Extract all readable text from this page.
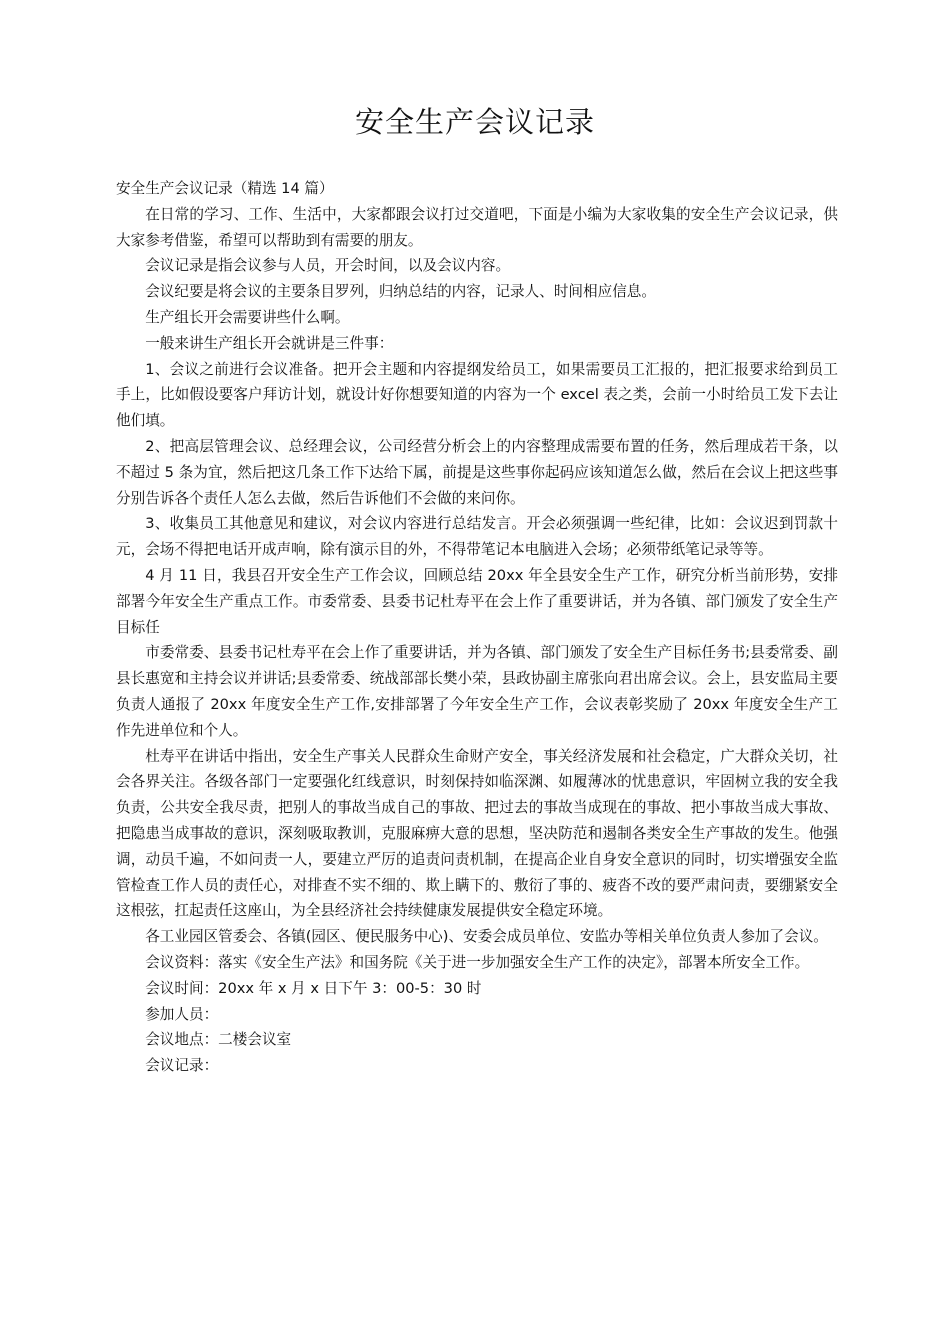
安全生产会议记录

安全生产会议记录（精选 14 篇）

在日常的学习、工作、生活中，大家都跟会议打过交道吧，下面是小编为大家收集的安全生产会议记录，供大家参考借鉴，希望可以帮助到有需要的朋友。

会议记录是指会议参与人员，开会时间，以及会议内容。

会议纪要是将会议的主要条目罗列，归纳总结的内容，记录人、时间相应信息。

生产组长开会需要讲些什么啊。

一般来讲生产组长开会就讲是三件事：

1、会议之前进行会议准备。把开会主题和内容提纲发给员工，如果需要员工汇报的，把汇报要求给到员工手上，比如假设要客户拜访计划，就设计好你想要知道的内容为一个 excel 表之类，会前一小时给员工发下去让他们填。

2、把高层管理会议、总经理会议，公司经营分析会上的内容整理成需要布置的任务，然后理成若干条，以不超过 5 条为宜，然后把这几条工作下达给下属，前提是这些事你起码应该知道怎么做，然后在会议上把这些事分别告诉各个责任人怎么去做，然后告诉他们不会做的来问你。

3、收集员工其他意见和建议，对会议内容进行总结发言。开会必须强调一些纪律，比如：会议迟到罚款十元，会场不得把电话开成声响，除有演示目的外，不得带笔记本电脑进入会场；必须带纸笔记录等等。

4 月 11 日，我县召开安全生产工作会议，回顾总结 20xx 年全县安全生产工作，研究分析当前形势，安排部署今年安全生产重点工作。市委常委、县委书记杜寿平在会上作了重要讲话，并为各镇、部门颁发了安全生产目标任

市委常委、县委书记杜寿平在会上作了重要讲话，并为各镇、部门颁发了安全生产目标任务书;县委常委、副县长惠宽和主持会议并讲话;县委常委、统战部部长樊小荣，县政协副主席张向君出席会议。会上，县安监局主要负责人通报了 20xx 年度安全生产工作,安排部署了今年安全生产工作，会议表彰奖励了 20xx 年度安全生产工作先进单位和个人。

杜寿平在讲话中指出，安全生产事关人民群众生命财产安全，事关经济发展和社会稳定，广大群众关切，社会各界关注。各级各部门一定要强化红线意识，时刻保持如临深渊、如履薄冰的忧患意识，牢固树立我的安全我负责，公共安全我尽责，把别人的事故当成自己的事故、把过去的事故当成现在的事故、把小事故当成大事故、把隐患当成事故的意识，深刻吸取教训，克服麻痹大意的思想，坚决防范和遏制各类安全生产事故的发生。他强调，动员千遍，不如问责一人，要建立严厉的追责问责机制，在提高企业自身安全意识的同时，切实增强安全监管检查工作人员的责任心，对排查不实不细的、欺上瞒下的、敷衍了事的、疲沓不改的要严肃问责，要绷紧安全这根弦，扛起责任这座山，为全县经济社会持续健康发展提供安全稳定环境。

各工业园区管委会、各镇(园区、便民服务中心)、安委会成员单位、安监办等相关单位负责人参加了会议。

会议资料：落实《安全生产法》和国务院《关于进一步加强安全生产工作的决定》，部署本所安全工作。

会议时间：20xx 年 x 月 x 日下午 3：00-5：30 时

参加人员：

会议地点：二楼会议室

会议记录：
